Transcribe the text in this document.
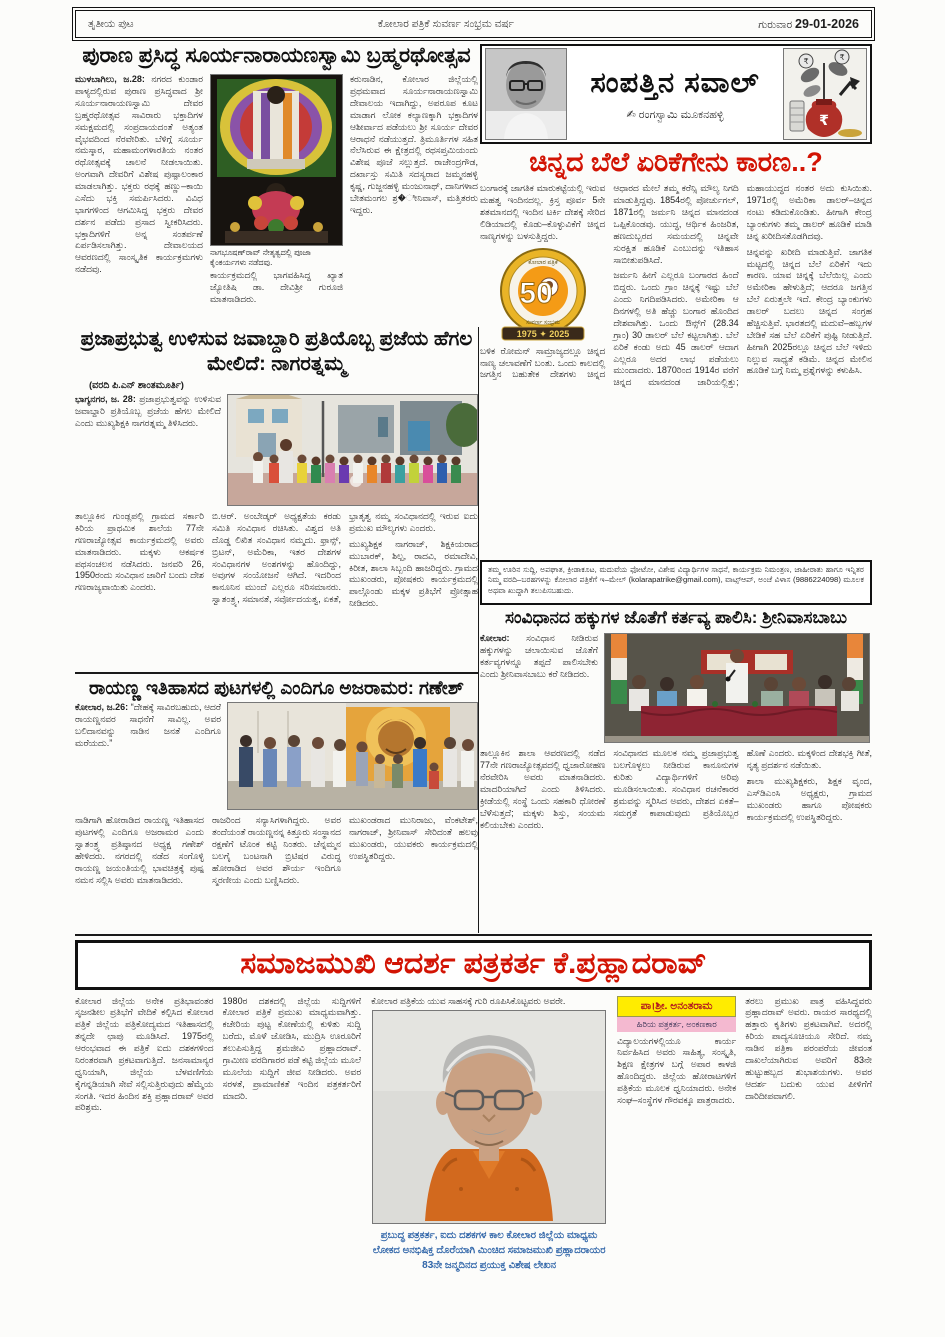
ತೃತೀಯ ಪುಟ	ಕೋಲಾರ ಪತ್ರಿಕೆ ಸುವರ್ಣ ಸಂಭ್ರಮ ವರ್ಷ	ಗುರುವಾರ 29-01-2026
ಪುರಾಣ ಪ್ರಸಿದ್ಧ ಸೂರ್ಯನಾರಾಯಣಸ್ವಾಮಿ ಬ್ರಹ್ಮರಥೋತ್ಸವ
ಮುಳಬಾಗಿಲು, ಜ.28: ನಗರದ ಕುಂಡಾರ ಪಾಳ್ಯದಲ್ಲಿರುವ ಪುರಾಣ ಪ್ರಸಿದ್ಧವಾದ ಶ್ರೀ ಸೂರ್ಯನಾರಾಯಣಸ್ವಾಮಿ ದೇವರ ಬ್ರಹ್ಮರಥೋತ್ಸವ ಸಾವಿರಾರು ಭಕ್ತಾದಿಗಳ ಸಮಕ್ಷಮದಲ್ಲಿ ಸಂಪ್ರದಾಯದಂತೆ ಅತ್ಯಂತ ವೈಭವದಿಂದ ನೆರವೇರಿತು. ಬೆಳಿಗ್ಗೆ ಸೂರ್ಯ ನಮಸ್ಕಾರ, ಮಹಾಮಂಗಳಾರತಿಯ ನಂತರ ರಥೋತ್ಸವಕ್ಕೆ ಚಾಲನೆ ನೀಡಲಾಯಿತು. ಅಂಗವಾಗಿ ದೇವರಿಗೆ ವಿಶೇಷ ಪುಷ್ಪಾಲಂಕಾರ ಮಾಡಲಾಗಿತ್ತು. ಭಕ್ತರು ರಥಕ್ಕೆ ಹಣ್ಣು–ಕಾಯಿ ಎಸೆದು ಭಕ್ತಿ ಸಮರ್ಪಿಸಿದರು. ವಿವಿಧ ಭಾಗಗಳಿಂದ ಆಗಮಿಸಿದ್ದ ಭಕ್ತರು ದೇವರ ದರ್ಶನ ಪಡೆದು ಪ್ರಸಾದ ಸ್ವೀಕರಿಸಿದರು. ಭಕ್ತಾದಿಗಳಿಗೆ ಅನ್ನ ಸಂತರ್ಪಣೆ ಏರ್ಪಡಿಸಲಾಗಿತ್ತು. ದೇವಾಲಯದ ಆವರಣದಲ್ಲಿ ಸಾಂಸ್ಕೃತಿಕ ಕಾರ್ಯಕ್ರಮಗಳು ನಡೆದವು.
ನಾಗಭೂಷಣ್‌ರಾವ್ ನೇತೃತ್ವದಲ್ಲಿ ಪೂಜಾ ಕೈಂಕರ್ಯಗಳು ನಡೆದವು.
ಕಾರ್ಯಕ್ರಮದಲ್ಲಿ ಭಾಗವಹಿಸಿದ್ದ ಖ್ಯಾತ ಜ್ಯೋತಿಷಿ ಡಾ. ದೇವಿಶ್ರೀ ಗುರೂಜಿ ಮಾತನಾಡಿದರು.
ಕರುನಾಡಿನ, ಕೋಲಾರ ಜಿಲ್ಲೆಯಲ್ಲಿ ಪ್ರಥಮವಾದ ಸೂರ್ಯನಾರಾಯಣಸ್ವಾಮಿ ದೇವಾಲಯ ಇದಾಗಿದ್ದು, ಅಪರೂಪ ಕೂಟ ಮಾಡಾಗ ಲೋಕ ಕಲ್ಯಾಣಕ್ಕಾಗಿ ಭಕ್ತಾದಿಗಳ ಆಶೀರ್ವಾದ ಪಡೆಯಲು ಶ್ರೀ ಸೂರ್ಯ ದೇವರ ಆರಾಧನೆ ನಡೆಯುತ್ತದೆ. ತ್ರಿಮೂರ್ತಿಗಳ ಸಹಿತ ನೆಲೆಸಿರುವ ಈ ಕ್ಷೇತ್ರದಲ್ಲಿ ರಥಸಪ್ತಮಿಯಂದು ವಿಶೇಷ ಪೂಜೆ ಸಲ್ಲುತ್ತದೆ. ರಾಜೇಂದ್ರಗೌಡ, ದರ್ಖಾಸ್ತು ಸಮಿತಿ ಸದಸ್ಯರಾದ ಜಮ್ಮನಹಳ್ಳಿ ಕೃಷ್ಣ, ಗುಜ್ಜನಹಳ್ಳಿ ಮಂಜುನಾಥ್, ದಾನಿಗಳಾದ ಬೇತಮಂಗಲ ಶ್ರ�ೀನಿವಾಸ್, ಮತ್ತಿತರರು ಇದ್ದರು.
ಸಂಪತ್ತಿನ ಸವಾಲ್
✍ ರಂಗಸ್ವಾಮಿ ಮೂಕನಹಳ್ಳಿ
₹	₹
₹
ಚಿನ್ನದ ಬೆಲೆ ಏರಿಕೆಗೇನು ಕಾರಣ..?

ಬಂಗಾರಕ್ಕೆ ಜಾಗತಿಕ ಮಾರುಕಟ್ಟೆಯಲ್ಲಿ ಇರುವ ಮಹತ್ವ ಇಂದಿನದಲ್ಲ. ಕ್ರಿಸ್ತ ಪೂರ್ವ 5ನೇ ಶತಮಾನದಲ್ಲಿ ಇಂದಿನ ಟರ್ಕಿ ದೇಶಕ್ಕೆ ಸೇರಿದ ಲಿಡಿಯಾದಲ್ಲಿ ಕೊಡು–ಕೊಳ್ಳುವಿಕೆಗೆ ಚಿನ್ನದ ನಾಣ್ಯಗಳನ್ನು ಬಳಸುತ್ತಿದ್ದರು.

ಕೋಲಾರ ಪತ್ರಿಕೆ
ಸುವರ್ಣ ಸಂಭ್ರಮ
50
1975 ✦ 2025

ಬಳಿಕ ರೋಮನ್ ಸಾಮ್ರಾಜ್ಯದಲ್ಲೂ ಚಿನ್ನದ ನಾಣ್ಯ ಚಲಾವಣೆಗೆ ಬಂತು. ಒಂದು ಕಾಲದಲ್ಲಿ ಜಗತ್ತಿನ ಬಹುತೇಕ ದೇಶಗಳು ಚಿನ್ನದ ಆಧಾರದ ಮೇಲೆ ತಮ್ಮ ಕರೆನ್ಸಿ ಮೌಲ್ಯ ನಿಗದಿ ಮಾಡುತ್ತಿದ್ದವು. 1854ರಲ್ಲಿ ಪೋರ್ಚುಗಲ್, 1871ರಲ್ಲಿ ಜರ್ಮನಿ ಚಿನ್ನದ ಮಾನದಂಡ ಒಪ್ಪಿಕೊಂಡವು. ಯುದ್ಧ, ಆರ್ಥಿಕ ಹಿಂಜರಿತ, ಹಣದುಬ್ಬರದ ಸಮಯದಲ್ಲಿ ಚಿನ್ನವೇ ಸುರಕ್ಷಿತ ಹೂಡಿಕೆ ಎಂಬುದನ್ನು ಇತಿಹಾಸ ಸಾಬೀತುಪಡಿಸಿದೆ.

ಜರ್ಮನಿ ಹೀಗೆ ಎಲ್ಲರೂ ಬಂಗಾರದ ಹಿಂದೆ ಬಿದ್ದರು. ಒಂದು ಗ್ರಾಂ ಚಿನ್ನಕ್ಕೆ ಇಷ್ಟು ಬೆಲೆ ಎಂದು ನಿಗದಿಪಡಿಸಿದರು. ಅಮೇರಿಕಾ ಆ ದಿನಗಳಲ್ಲಿ ಅತಿ ಹೆಚ್ಚು ಬಂಗಾರ ಹೊಂದಿದ ದೇಶವಾಗಿತ್ತು. ಒಂದು ಔನ್ಸ್‌ಗೆ (28.34 ಗ್ರಾಂ) 30 ಡಾಲರ್ ಬೆಲೆ ಕಟ್ಟಲಾಗಿತ್ತು. ಬೆಲೆ ಏರಿಕೆ ಕಂಡು ಅದು 45 ಡಾಲರ್ ಆದಾಗ ಎಲ್ಲರೂ ಅದರ ಲಾಭ ಪಡೆಯಲು ಮುಂದಾದರು. 1870ರಿಂದ 1914ರ ವರೆಗೆ ಚಿನ್ನದ ಮಾನದಂಡ ಜಾರಿಯಲ್ಲಿತ್ತು; ಮಹಾಯುದ್ಧದ ನಂತರ ಅದು ಕುಸಿಯಿತು. 1971ರಲ್ಲಿ ಅಮೆರಿಕಾ ಡಾಲರ್–ಚಿನ್ನದ ನಂಟು ಕಡಿದುಕೊಂಡಿತು. ಹೀಗಾಗಿ ಕೇಂದ್ರ ಬ್ಯಾಂಕುಗಳು ತಮ್ಮ ಡಾಲರ್ ಹೂಡಿಕೆ ಮಾಡಿ ಚಿನ್ನ ಖರೀದಿಸತೊಡಗಿದವು.

ಚಿನ್ನವನ್ನು ಖರೀದಿ ಮಾಡುತ್ತಿವೆ. ಜಾಗತಿಕ ಮಟ್ಟದಲ್ಲಿ ಚಿನ್ನದ ಬೆಲೆ ಏರಿಕೆಗೆ ಇದು ಕಾರಣ. ಯಾವ ಚಿನ್ನಕ್ಕೆ ಬೆಲೆಯಿಲ್ಲ ಎಂದು ಅಮೇರಿಕಾ ಹೇಳುತ್ತಿದೆ; ಆದರೂ ಜಗತ್ತಿನ ಬೆಲೆ ಏರುತ್ತಲೇ ಇದೆ. ಕೇಂದ್ರ ಬ್ಯಾಂಕುಗಳು ಡಾಲರ್ ಬದಲು ಚಿನ್ನದ ಸಂಗ್ರಹ ಹೆಚ್ಚಿಸುತ್ತಿವೆ. ಭಾರತದಲ್ಲಿ ಮದುವೆ–ಹಬ್ಬಗಳ ಬೇಡಿಕೆ ಸಹ ಬೆಲೆ ಏರಿಕೆಗೆ ಪುಷ್ಟಿ ನೀಡುತ್ತಿದೆ. ಹೀಗಾಗಿ 2025ರಲ್ಲೂ ಚಿನ್ನದ ಬೆಲೆ ಇಳಿದು ನಿಲ್ಲುವ ಸಾಧ್ಯತೆ ಕಡಿಮೆ. ಚಿನ್ನದ ಮೇಲಿನ ಹೂಡಿಕೆ ಬಗ್ಗೆ ನಿಮ್ಮ ಪ್ರಶ್ನೆಗಳನ್ನು ಕಳುಹಿಸಿ.

ತಮ್ಮ ಊರಿನ ಸುದ್ದಿ, ಅಪಘಾತ, ಕ್ರೀಡಾಕೂಟ, ಮದುವೆಯ ಫೋಟೋ, ವಿಶೇಷ ವಿದ್ಯಾರ್ಥಿಗಳ ಸಾಧನೆ, ಕಾರ್ಯಕ್ರಮ ನಿಮಂತ್ರಣ, ಜಾಹೀರಾತು ಹಾಗೂ ಇನ್ನಿತರ ನಿಮ್ಮ ವರದಿ–ಬರಹಗಳನ್ನು ಕೋಲಾರ ಪತ್ರಿಕೆಗೆ ಇ–ಮೇಲ್ (kolarapatrike@gmail.com), ವಾಟ್ಸ್‌ಆಪ್, ಅಂಚೆ ವಿಳಾಸ (9886224098) ಮೂಲಕ ಅಥವಾ ಖುದ್ದಾಗಿ ತಲುಪಿಸಬಹುದು.
ಪ್ರಜಾಪ್ರಭುತ್ವ ಉಳಿಸುವ ಜವಾಬ್ದಾರಿ ಪ್ರತಿಯೊಬ್ಬ ಪ್ರಜೆಯ ಹೆಗಲ ಮೇಲಿದೆ: ನಾಗರತ್ನಮ್ಮ
(ವರದಿ ಪಿ.ಎನ್ ಶಾಂತಮೂರ್ತಿ)
ಭಾಗ್ಯನಗರ, ಜ. 28: ಪ್ರಜಾಪ್ರಭುತ್ವವನ್ನು ಉಳಿಸುವ ಜವಾಬ್ದಾರಿ ಪ್ರತಿಯೊಬ್ಬ ಪ್ರಜೆಯ ಹೆಗಲ ಮೇಲಿದೆ ಎಂದು ಮುಖ್ಯಶಿಕ್ಷಕಿ ನಾಗರತ್ನಮ್ಮ ತಿಳಿಸಿದರು.

ತಾಲ್ಲೂಕಿನ ಗುಂಡ್ಲಪಲ್ಲಿ ಗ್ರಾಮದ ಸರ್ಕಾರಿ ಕಿರಿಯ ಪ್ರಾಥಮಿಕ ಶಾಲೆಯ 77ನೇ ಗಣರಾಜ್ಯೋತ್ಸವ ಕಾರ್ಯಕ್ರಮದಲ್ಲಿ ಅವರು ಮಾತನಾಡಿದರು. ಮಕ್ಕಳು ಆಕರ್ಷಕ ಪಥಸಂಚಲನ ನಡೆಸಿದರು. ಜನವರಿ 26, 1950ರಂದು ಸಂವಿಧಾನ ಜಾರಿಗೆ ಬಂದು ದೇಶ ಗಣರಾಜ್ಯವಾಯಿತು ಎಂದರು.

ಬಿ.ಆರ್. ಅಂಬೇಡ್ಕರ್ ಅಧ್ಯಕ್ಷತೆಯ ಕರಡು ಸಮಿತಿ ಸಂವಿಧಾನ ರಚಿಸಿತು. ವಿಶ್ವದ ಅತಿ ದೊಡ್ಡ ಲಿಖಿತ ಸಂವಿಧಾನ ನಮ್ಮದು. ಫ್ರಾನ್ಸ್, ಬ್ರಿಟನ್, ಅಮೆರಿಕಾ, ಇತರ ದೇಶಗಳ ಸಂವಿಧಾನಗಳ ಅಂಶಗಳನ್ನು ಹೊಂದಿದ್ದು, ಅವುಗಳ ಸಂಯೋಜನೆ ಆಗಿದೆ. ಇದರಿಂದ ಕಾನೂನಿನ ಮುಂದೆ ಎಲ್ಲರೂ ಸರಿಸಮಾನರು. ಸ್ವಾತಂತ್ರ್ಯ, ಸಮಾನತೆ, ಸರ್ವೋದಯತ್ವ, ಏಕತೆ, ಭ್ರಾತೃತ್ವ ನಮ್ಮ ಸಂವಿಧಾನದಲ್ಲಿ ಇರುವ ಐದು ಪ್ರಮುಖ ಮೌಲ್ಯಗಳು ಎಂದರು.

ಮುಖ್ಯಶಿಕ್ಷಕ ನಾಗರಾಜ್, ಶಿಕ್ಷಕಿಯರಾದ ಮುಬಾರಕ್, ಶಿಲ್ಪ, ರಾದವಿ, ರಮಾದೇವಿ, ಕಿರೀತ, ಶಾಲಾ ಸಿಬ್ಬಂದಿ ಹಾಜರಿದ್ದರು. ಗ್ರಾಮದ ಮುಖಂಡರು, ಪೋಷಕರು ಕಾರ್ಯಕ್ರಮದಲ್ಲಿ ಪಾಲ್ಗೊಂಡು ಮಕ್ಕಳ ಪ್ರತಿಭೆಗೆ ಪ್ರೋತ್ಸಾಹ ನೀಡಿದರು.

ರಾಯಣ್ಣ ಇತಿಹಾಸದ ಪುಟಗಳಲ್ಲಿ ಎಂದಿಗೂ ಅಜರಾಮರ: ಗಣೇಶ್
ಕೋಲಾರ, ಜ.26: “ದೇಹಕ್ಕೆ ಸಾವಿರಬಹುದು, ಆದರೆ ರಾಯಣ್ಣನವರ ಸಾಧನೆಗೆ ಸಾವಿಲ್ಲ. ಅವರ ಬಲಿದಾನವನ್ನು ನಾಡಿನ ಜನತೆ ಎಂದಿಗೂ ಮರೆಯದು.”

ನಾಡಿಗಾಗಿ ಹೋರಾಡಿದ ರಾಯಣ್ಣ ಇತಿಹಾಸದ ಪುಟಗಳಲ್ಲಿ ಎಂದಿಗೂ ಅಜರಾಮರ ಎಂದು ಸ್ವಾತಂತ್ರ್ಯ ಪ್ರತಿಷ್ಠಾನದ ಅಧ್ಯಕ್ಷ ಗಣೇಶ್ ಹೇಳಿದರು. ನಗರದಲ್ಲಿ ನಡೆದ ಸಂಗೊಳ್ಳಿ ರಾಯಣ್ಣ ಜಯಂತಿಯಲ್ಲಿ ಭಾವಚಿತ್ರಕ್ಕೆ ಪುಷ್ಪ ನಮನ ಸಲ್ಲಿಸಿ ಅವರು ಮಾತನಾಡಿದರು.

ರಾಜರಿಂದ ಸನ್ಯಾಸಿಗಳಾಗಿದ್ದರು. ಅವರ ತಂದೆಯಂತೆ ರಾಯಣ್ಣನನ್ನ ಕಿತ್ತೂರು ಸಂಸ್ಥಾನದ ರಕ್ಷಣೆಗೆ ಟೊಂಕ ಕಟ್ಟಿ ನಿಂತರು. ಚೆನ್ನಮ್ಮನ ಬಲಗೈ ಬಂಟನಾಗಿ ಬ್ರಿಟಿಷರ ವಿರುದ್ಧ ಹೋರಾಡಿದ ಅವರ ಶೌರ್ಯ ಇಂದಿಗೂ ಸ್ಮರಣೀಯ ಎಂದು ಬಣ್ಣಿಸಿದರು.

ಮುಖಂಡರಾದ ಮುನಿರಾಜು, ವೆಂಕಟೇಶ್, ನಾಗರಾಜ್, ಶ್ರೀನಿವಾಸ್ ಸೇರಿದಂತೆ ಹಲವು ಮುಖಂಡರು, ಯುವಕರು ಕಾರ್ಯಕ್ರಮದಲ್ಲಿ ಉಪಸ್ಥಿತರಿದ್ದರು.

ಸಂವಿಧಾನದ ಹಕ್ಕುಗಳ ಜೊತೆಗೆ ಕರ್ತವ್ಯ ಪಾಲಿಸಿ: ಶ್ರೀನಿವಾಸಬಾಬು
ಕೋಲಾರ: ಸಂವಿಧಾನ ನೀಡಿರುವ ಹಕ್ಕುಗಳನ್ನು ಚಲಾಯಿಸುವ ಜೊತೆಗೆ ಕರ್ತವ್ಯಗಳನ್ನೂ ತಪ್ಪದೆ ಪಾಲಿಸಬೇಕು ಎಂದು ಶ್ರೀನಿವಾಸಬಾಬು ಕರೆ ನೀಡಿದರು.

ತಾಲ್ಲೂಕಿನ ಶಾಲಾ ಆವರಣದಲ್ಲಿ ನಡೆದ 77ನೇ ಗಣರಾಜ್ಯೋತ್ಸವದಲ್ಲಿ ಧ್ವಜಾರೋಹಣ ನೆರವೇರಿಸಿ ಅವರು ಮಾತನಾಡಿದರು. ಮಾದರಿಯಾಗಿದೆ ಎಂದು ತಿಳಿಸಿದರು. ಕ್ರೀಡೆಯಲ್ಲಿ ಸಂಸ್ಥೆ ಒಂದು ಸಹಕಾರಿ ಧೋರಣೆ ಬೆಳೆಸುತ್ತದೆ; ಮಕ್ಕಳು ಶಿಸ್ತು, ಸಂಯಮ ಕಲಿಯಬೇಕು ಎಂದರು.

ಸಂವಿಧಾನದ ಮೂಲಕ ನಮ್ಮ ಪ್ರಜಾಪ್ರಭುತ್ವ ಬಲಗೊಳ್ಳಲು ನೀಡಿರುವ ಕಾನೂನುಗಳ ಕುರಿತು ವಿದ್ಯಾರ್ಥಿಗಳಿಗೆ ಅರಿವು ಮೂಡಿಸಲಾಯಿತು. ಸಂವಿಧಾನ ರಚನೆಕಾರರ ಶ್ರಮವನ್ನು ಸ್ಮರಿಸಿದ ಅವರು, ದೇಶದ ಏಕತೆ–ಸಮಗ್ರತೆ ಕಾಪಾಡುವುದು ಪ್ರತಿಯೊಬ್ಬರ ಹೊಣೆ ಎಂದರು. ಮಕ್ಕಳಿಂದ ದೇಶಭಕ್ತಿ ಗೀತೆ, ನೃತ್ಯ ಪ್ರದರ್ಶನ ನಡೆಯಿತು.

ಶಾಲಾ ಮುಖ್ಯಶಿಕ್ಷಕರು, ಶಿಕ್ಷಕ ವೃಂದ, ಎಸ್‌ಡಿಎಂಸಿ ಅಧ್ಯಕ್ಷರು, ಗ್ರಾಮದ ಮುಖಂಡರು ಹಾಗೂ ಪೋಷಕರು ಕಾರ್ಯಕ್ರಮದಲ್ಲಿ ಉಪಸ್ಥಿತರಿದ್ದರು.

ಸಮಾಜಮುಖಿ ಆದರ್ಶ ಪತ್ರಕರ್ತ ಕೆ.ಪ್ರಹ್ಲಾದರಾವ್
ಕೋಲಾರ ಜಿಲ್ಲೆಯ ಅನೇಕ ಪ್ರತಿಭಾವಂತರ ಸೃಜನಶೀಲ ಪ್ರತಿಭೆಗೆ ವೇದಿಕೆ ಕಲ್ಪಿಸಿದ ಕೋಲಾರ ಪತ್ರಿಕೆ ಜಿಲ್ಲೆಯ ಪತ್ರಿಕೋದ್ಯಮದ ಇತಿಹಾಸದಲ್ಲಿ ತನ್ನದೇ ಛಾಪು ಮೂಡಿಸಿದೆ. 1975ರಲ್ಲಿ ಆರಂಭವಾದ ಈ ಪತ್ರಿಕೆ ಐದು ದಶಕಗಳಿಂದ ನಿರಂತರವಾಗಿ ಪ್ರಕಟವಾಗುತ್ತಿದೆ. ಜನಸಾಮಾನ್ಯರ ಧ್ವನಿಯಾಗಿ, ಜಿಲ್ಲೆಯ ಬೆಳವಣಿಗೆಯ ಕೈಗನ್ನಡಿಯಾಗಿ ಸೇವೆ ಸಲ್ಲಿಸುತ್ತಿರುವುದು ಹೆಮ್ಮೆಯ ಸಂಗತಿ. ಇದರ ಹಿಂದಿನ ಶಕ್ತಿ ಪ್ರಹ್ಲಾದರಾವ್ ಅವರ ಪರಿಶ್ರಮ.
1980ರ ದಶಕದಲ್ಲಿ ಜಿಲ್ಲೆಯ ಸುದ್ದಿಗಳಿಗೆ ಕೋಲಾರ ಪತ್ರಿಕೆ ಪ್ರಮುಖ ಮಾಧ್ಯಮವಾಗಿತ್ತು. ಕಚೇರಿಯ ಪುಟ್ಟ ಕೋಣೆಯಲ್ಲಿ ಕುಳಿತು ಸುದ್ದಿ ಬರೆದು, ಮೊಳೆ ಜೋಡಿಸಿ, ಮುದ್ರಿಸಿ ಊರೂರಿಗೆ ತಲುಪಿಸುತ್ತಿದ್ದ ಶ್ರಮಜೀವಿ ಪ್ರಹ್ಲಾದರಾವ್. ಗ್ರಾಮೀಣ ವರದಿಗಾರರ ಪಡೆ ಕಟ್ಟಿ ಜಿಲ್ಲೆಯ ಮೂಲೆ ಮೂಲೆಯ ಸುದ್ದಿಗೆ ಜೀವ ನೀಡಿದರು. ಅವರ ಸರಳತೆ, ಪ್ರಾಮಾಣಿಕತೆ ಇಂದಿನ ಪತ್ರಕರ್ತರಿಗೆ ಮಾದರಿ.
ಕೋಲಾರ ಪತ್ರಿಕೆಯ ಯುವ ಸಾಹಸಕ್ಕೆ ಗುರಿ ರೂಪಿಸಿಕೊಟ್ಟವರು ಅವರೇ.
ಪ್ರಬುದ್ಧ ಪತ್ರಕರ್ತ, ಐದು ದಶಕಗಳ ಕಾಲ ಕೋಲಾರ ಜಿಲ್ಲೆಯ ಮಾಧ್ಯಮ ಲೋಕದ ಅನಭಿಷಿಕ್ತ ದೊರೆಯಾಗಿ ಮಿಂಚಿದ ಸಮಾಜಮುಖಿ ಪ್ರಹ್ಲಾದರಾಯರ 83ನೇ ಜನ್ಮದಿನದ ಪ್ರಯುಕ್ತ ವಿಶೇಷ ಲೇಖನ
ಪಾ।ಶ್ರೀ. ಅನಂತರಾಮ
ಹಿರಿಯ ಪತ್ರಕರ್ತ, ಅಂಕಣಕಾರ
ವಿದ್ಯಾಲಯಗಳಲ್ಲಿಯೂ ಕಾರ್ಯ ನಿರ್ವಹಿಸಿದ ಅವರು ಸಾಹಿತ್ಯ, ಸಂಸ್ಕೃತಿ, ಶಿಕ್ಷಣ ಕ್ಷೇತ್ರಗಳ ಬಗ್ಗೆ ಅಪಾರ ಕಾಳಜಿ ಹೊಂದಿದ್ದರು. ಜಿಲ್ಲೆಯ ಹೋರಾಟಗಳಿಗೆ ಪತ್ರಿಕೆಯ ಮೂಲಕ ಧ್ವನಿಯಾದರು. ಅನೇಕ ಸಂಘ–ಸಂಸ್ಥೆಗಳ ಗೌರವಕ್ಕೂ ಪಾತ್ರರಾದರು.
ತರಲು ಪ್ರಮುಖ ಪಾತ್ರ ವಹಿಸಿದ್ದವರು ಪ್ರಹ್ಲಾದರಾವ್ ಅವರು. ರಾಯರ ಸಾರಥ್ಯದಲ್ಲಿ ಹತ್ತಾರು ಕೃತಿಗಳು ಪ್ರಕಟವಾಗಿವೆ. ಅದರಲ್ಲಿ ಕಿರಿಯ ಪಾದ್ಯಸೂಚಿಯೂ ಸೇರಿದೆ. ನಮ್ಮ ನಾಡಿನ ಪತ್ರಿಕಾ ಪರಂಪರೆಯ ಜೀವಂತ ದಾಖಲೆಯಾಗಿರುವ ಅವರಿಗೆ 83ನೇ ಹುಟ್ಟುಹಬ್ಬದ ಶುಭಾಶಯಗಳು. ಅವರ ಆದರ್ಶ ಬದುಕು ಯುವ ಪೀಳಿಗೆಗೆ ದಾರಿದೀಪವಾಗಲಿ.
